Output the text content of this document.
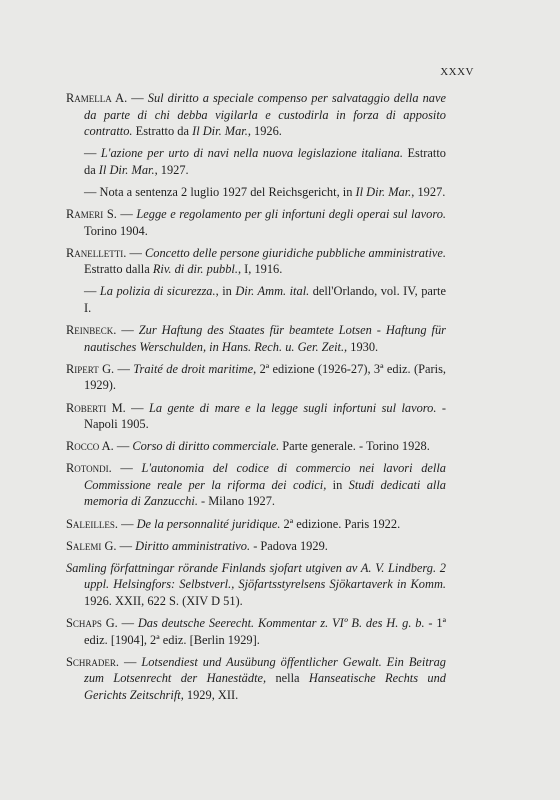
XXXV
Ramella A. — Sul diritto a speciale compenso per salvataggio della nave da parte di chi debba vigilarla e custodirla in forza di apposito contratto. Estratto da Il Dir. Mar., 1926.
— L'azione per urto di navi nella nuova legislazione italiana. Estratto da Il Dir. Mar., 1927.
— Nota a sentenza 2 luglio 1927 del Reichsgericht, in Il Dir. Mar., 1927.
Rameri S. — Legge e regolamento per gli infortuni degli operai sul lavoro. Torino 1904.
Ranelletti. — Concetto delle persone giuridiche pubbliche amministrative. Estratto dalla Riv. di dir. pubbl., I, 1916.
— La polizia di sicurezza., in Dir. Amm. ital. dell'Orlando, vol. IV, parte I.
Reinbeck. — Zur Haftung des Staates für beamtete Lotsen - Haftung für nautisches Werschulden, in Hans. Rech. u. Ger. Zeit., 1930.
Ripert G. — Traité de droit maritime, 2ª edizione (1926-27), 3ª ediz. (Paris, 1929).
Roberti M. — La gente di mare e la legge sugli infortuni sul lavoro. - Napoli 1905.
Rocco A. — Corso di diritto commerciale. Parte generale. - Torino 1928.
Rotondi. — L'autonomia del codice di commercio nei lavori della Commissione reale per la riforma dei codici, in Studi dedicati alla memoria di Zanzucchi. - Milano 1927.
Saleilles. — De la personnalité juridique. 2ª edizione. Paris 1922.
Salemi G. — Diritto amministrativo. - Padova 1929.
Samling författningar rörande Finlands sjofart utgiven av A. V. Lindberg. 2 uppl. Helsingfors: Selbstverl., Sjöfartsstyrelsens Sjökartaverk in Komm. 1926. XXII, 622 S. (XIV D 51).
Schaps G. — Das deutsche Seerecht. Kommentar z. VIº B. des H. g. b. - 1ª ediz. [1904], 2ª ediz. [Berlin 1929].
Schrader. — Lotsendiest und Ausübung öffentlicher Gewalt. Ein Beitrag zum Lotsenrecht der Hanestädte, nella Hanseatische Rechts und Gerichts Zeitschrift, 1929, XII.
